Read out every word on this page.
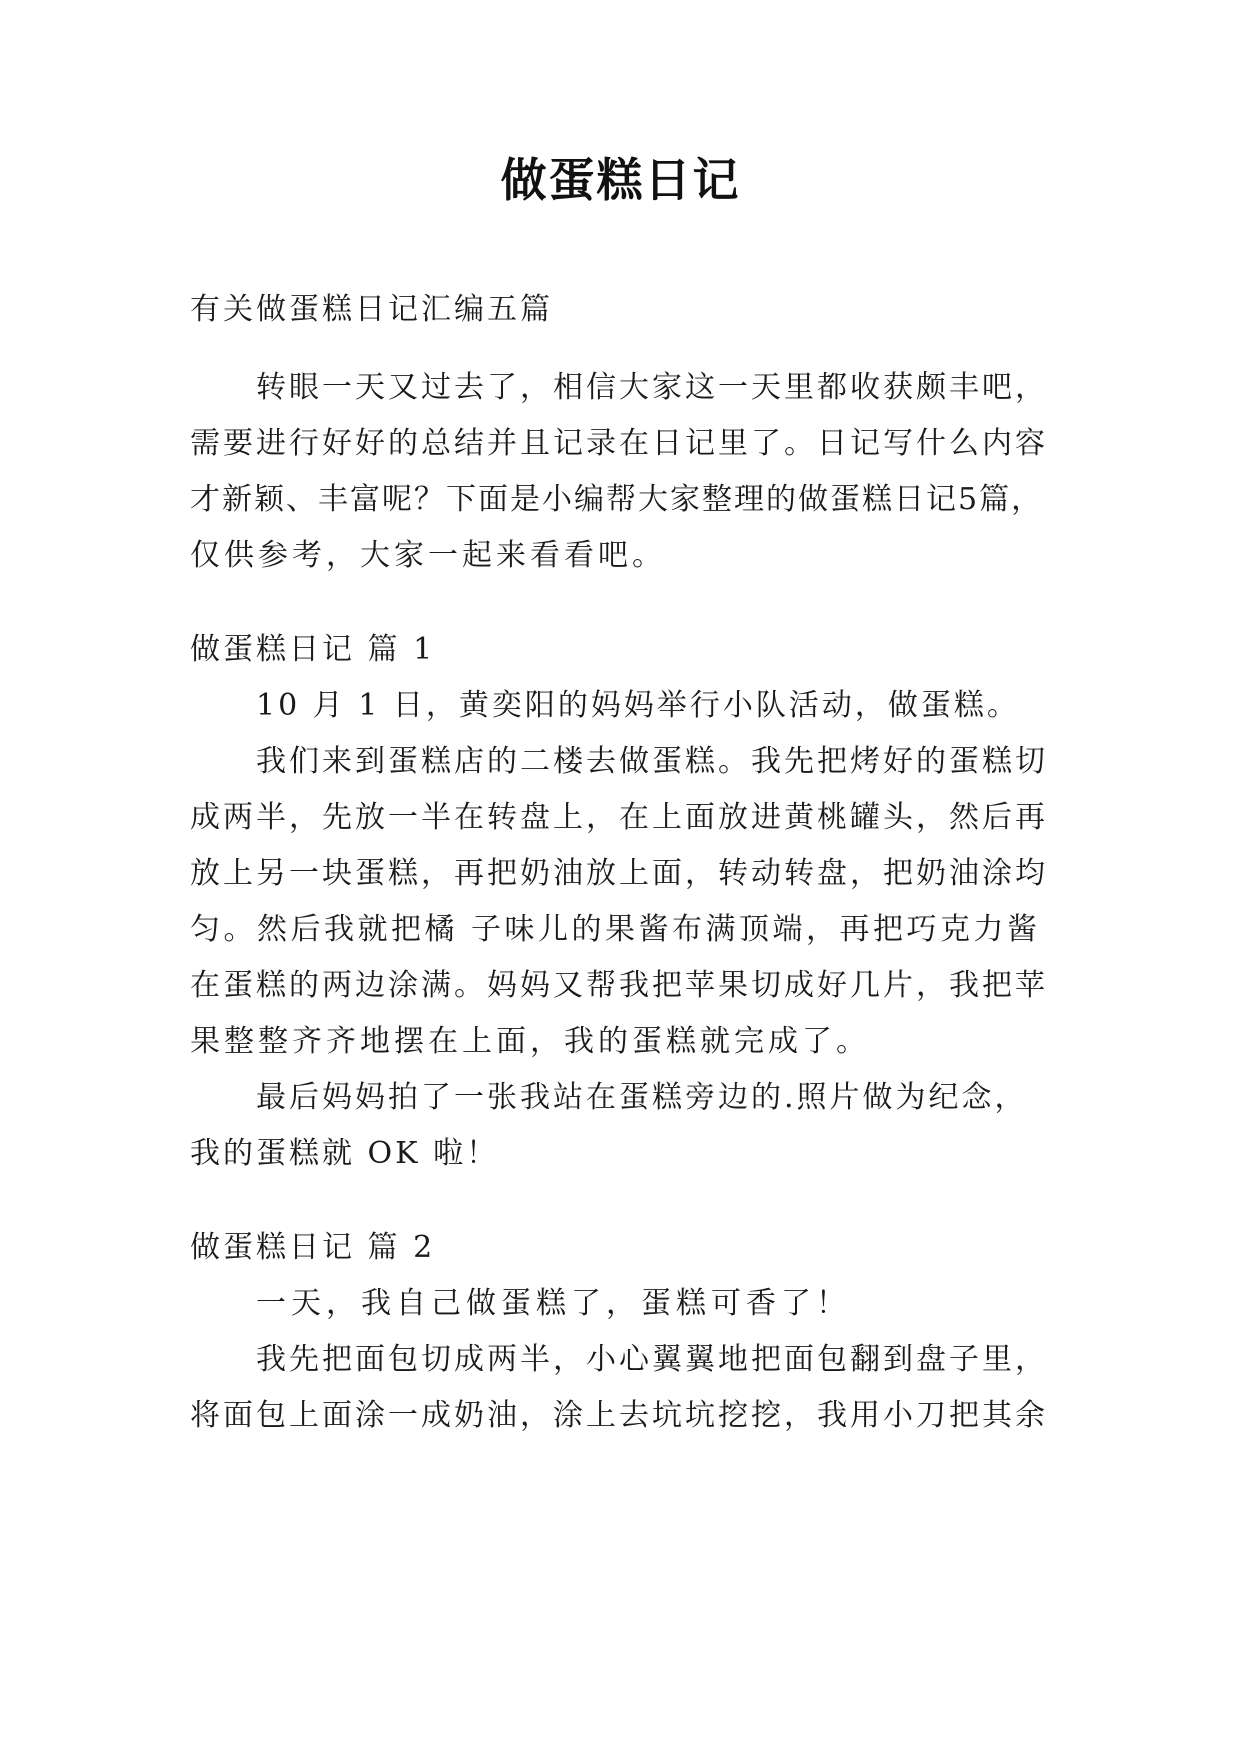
做蛋糕日记

有关做蛋糕日记汇编五篇

转眼一天又过去了，相信大家这一天里都收获颇丰吧，

需要进行好好的总结并且记录在日记里了。日记写什么内容

才新颖、丰富呢？下面是小编帮大家整理的做蛋糕日记5篇，

仅供参考，大家一起来看看吧。

做蛋糕日记 篇 1

10 月 1 日，黄奕阳的妈妈举行小队活动，做蛋糕。

我们来到蛋糕店的二楼去做蛋糕。我先把烤好的蛋糕切

成两半，先放一半在转盘上，在上面放进黄桃罐头，然后再

放上另一块蛋糕，再把奶油放上面，转动转盘，把奶油涂均

匀。然后我就把橘 子味儿的果酱布满顶端，再把巧克力酱

在蛋糕的两边涂满。妈妈又帮我把苹果切成好几片，我把苹

果整整齐齐地摆在上面，我的蛋糕就完成了。

最后妈妈拍了一张我站在蛋糕旁边的.照片做为纪念，

我的蛋糕就 OK 啦！

做蛋糕日记 篇 2

一天，我自己做蛋糕了，蛋糕可香了！

我先把面包切成两半，小心翼翼地把面包翻到盘子里，

将面包上面涂一成奶油，涂上去坑坑挖挖，我用小刀把其余
